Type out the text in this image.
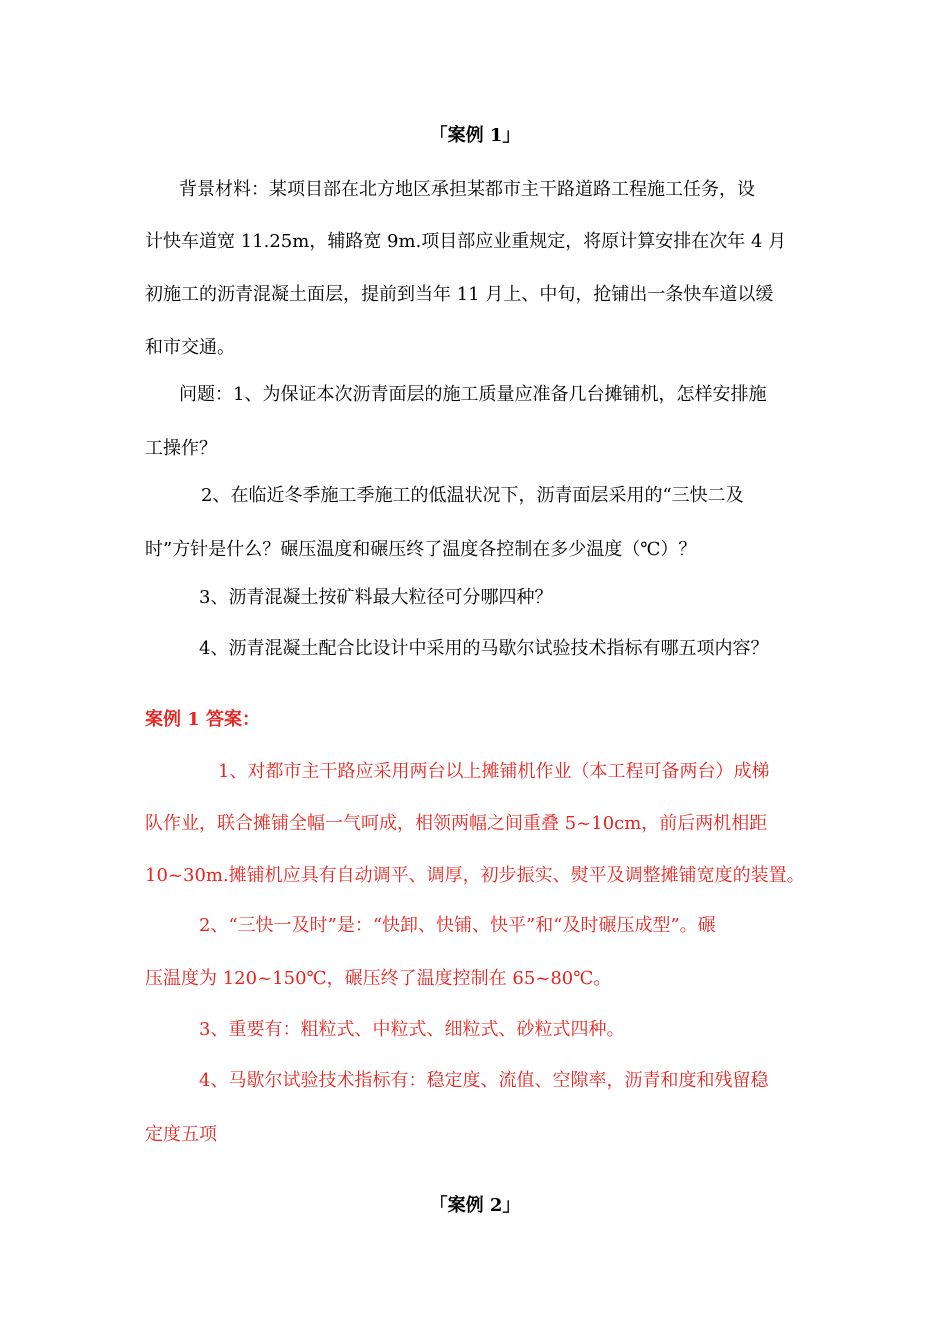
「案例 1」
背景材料：某项目部在北方地区承担某都市主干路道路工程施工任务，设
计快车道宽 11.25m，辅路宽 9m.项目部应业重规定，将原计算安排在次年 4 月
初施工的沥青混凝土面层，提前到当年 11 月上、中旬，抢铺出一条快车道以缓
和市交通。
问题：1、为保证本次沥青面层的施工质量应准备几台摊铺机，怎样安排施
工操作？
2、在临近冬季施工季施工的低温状况下，沥青面层采用的“三快二及
时”方针是什么？碾压温度和碾压终了温度各控制在多少温度（℃）？
3、沥青混凝土按矿料最大粒径可分哪四种？
4、沥青混凝土配合比设计中采用的马歇尔试验技术指标有哪五项内容？
案例 1 答案：
1、对都市主干路应采用两台以上摊铺机作业（本工程可备两台）成梯
队作业，联合摊铺全幅一气呵成，相领两幅之间重叠 5~10cm，前后两机相距
10~30m.摊铺机应具有自动调平、调厚，初步振实、熨平及调整摊铺宽度的装置。
2、“三快一及时”是：“快卸、快铺、快平”和“及时碾压成型”。碾
压温度为 120~150℃，碾压终了温度控制在 65~80℃。
3、重要有：粗粒式、中粒式、细粒式、砂粒式四种。
4、马歇尔试验技术指标有：稳定度、流值、空隙率，沥青和度和残留稳
定度五项
「案例 2」
